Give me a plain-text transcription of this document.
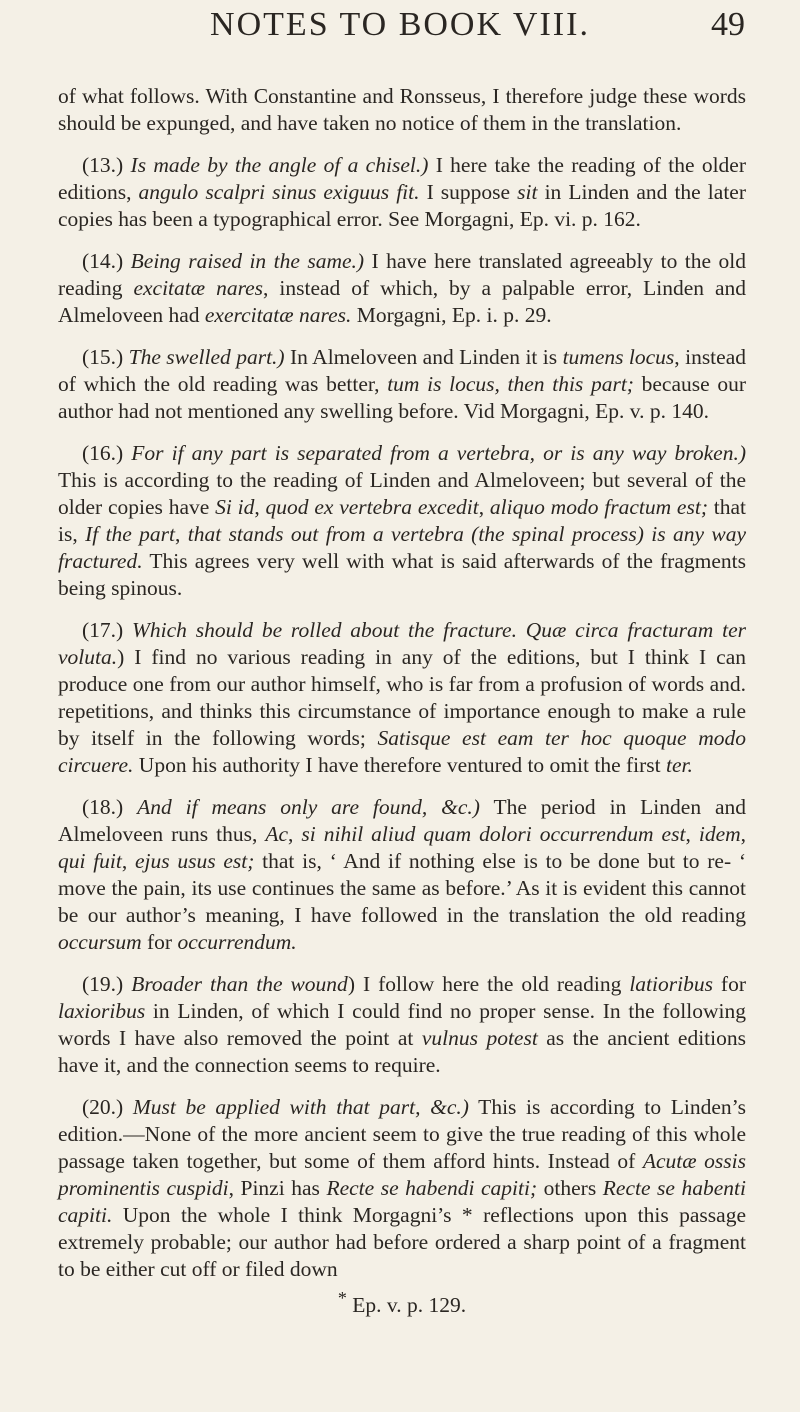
NOTES TO BOOK VIII.	49

of what follows. With Constantine and Ronsseus, I therefore judge these words should be expunged, and have taken no notice of them in the translation.

(13.) Is made by the angle of a chisel.) I here take the reading of the older editions, angulo scalpri sinus exiguus fit. I suppose sit in Linden and the later copies has been a typographical error. See Morgagni, Ep. vi. p. 162.

(14.) Being raised in the same.) I have here translated agreeably to the old reading excitatæ nares, instead of which, by a palpable error, Linden and Almeloveen had exercitatæ nares. Morgagni, Ep. i. p. 29.

(15.) The swelled part.) In Almeloveen and Linden it is tumens locus, instead of which the old reading was better, tum is locus, then this part; because our author had not mentioned any swelling before. Vid Morgagni, Ep. v. p. 140.

(16.) For if any part is separated from a vertebra, or is any way broken.) This is according to the reading of Linden and Almeloveen; but several of the older copies have Si id, quod ex vertebra excedit, aliquo modo fractum est; that is, If the part, that stands out from a vertebra (the spinal process) is any way fractured. This agrees very well with what is said afterwards of the fragments being spinous.

(17.) Which should be rolled about the fracture. Quæ circa fracturam ter voluta.) I find no various reading in any of the editions, but I think I can produce one from our author himself, who is far from a profusion of words and. repetitions, and thinks this circumstance of importance enough to make a rule by itself in the following words; Satisque est eam ter hoc quoque modo circuere. Upon his authority I have therefore ventured to omit the first ter.

(18.) And if means only are found, &c.) The period in Linden and Almeloveen runs thus, Ac, si nihil aliud quam dolori occurrendum est, idem, qui fuit, ejus usus est; that is, ‘ And if nothing else is to be done but to re- ‘ move the pain, its use continues the same as before.’ As it is evident this cannot be our author’s meaning, I have followed in the translation the old reading occursum for occurrendum.

(19.) Broader than the wound) I follow here the old reading latioribus for laxioribus in Linden, of which I could find no proper sense. In the following words I have also removed the point at vulnus potest as the ancient editions have it, and the connection seems to require.

(20.) Must be applied with that part, &c.) This is according to Linden’s edition.—None of the more ancient seem to give the true reading of this whole passage taken together, but some of them afford hints. Instead of Acutæ ossis prominentis cuspidi, Pinzi has Recte se habendi capiti; others Recte se habenti capiti. Upon the whole I think Morgagni’s * reflections upon this passage extremely probable; our author had before ordered a sharp point of a fragment to be either cut off or filed down

* Ep. v. p. 129.
